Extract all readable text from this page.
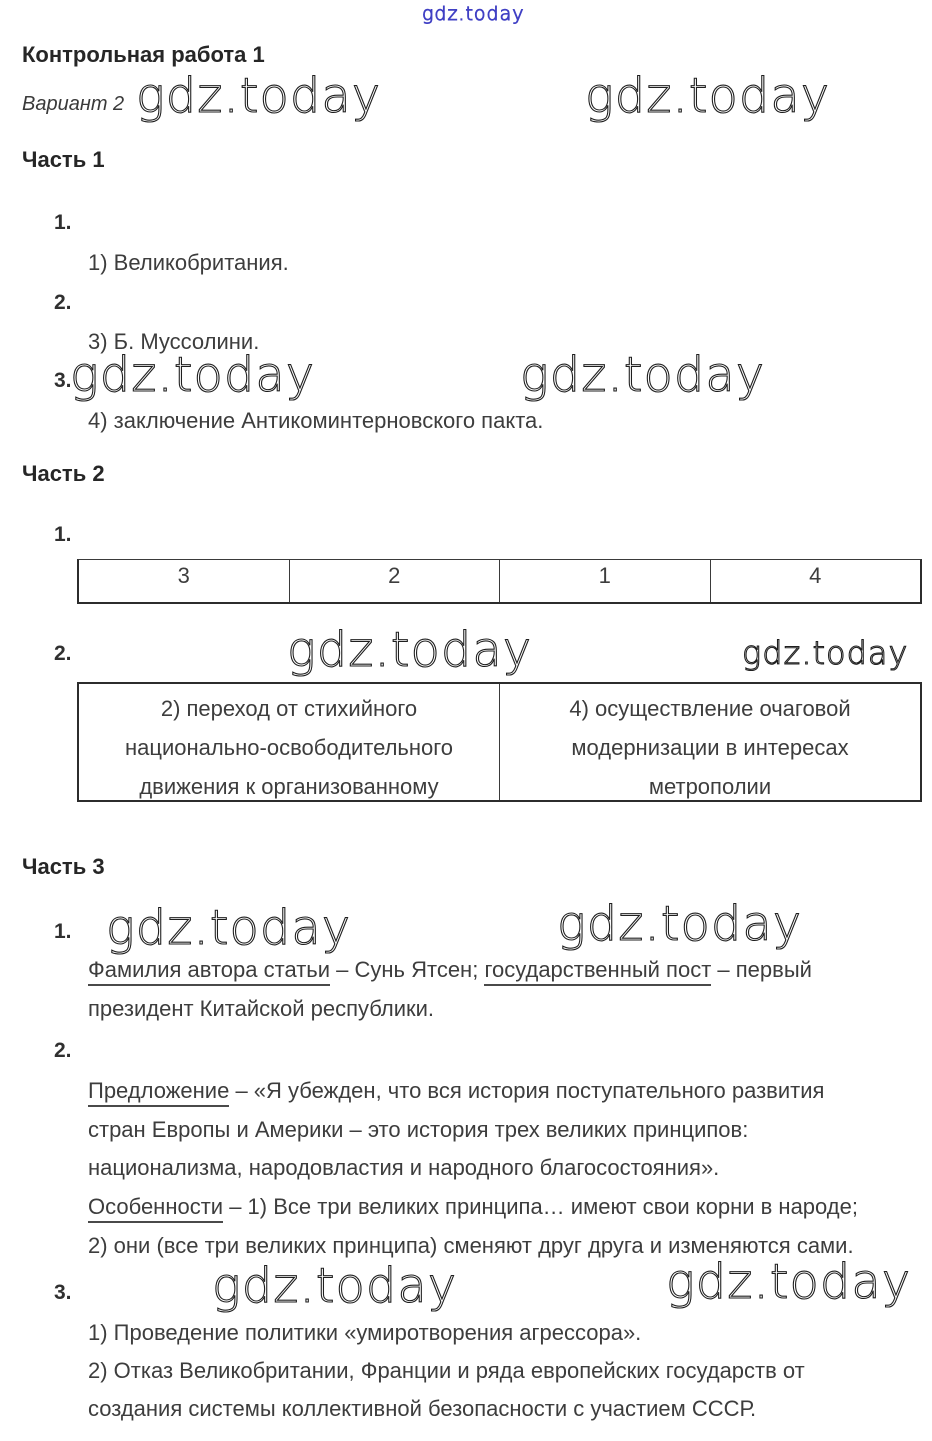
gdz.today
gdz.today	gdz.today
gdz.today	gdz.today
gdz.today	gdz.today
gdz.today	gdz.today
gdz.today	gdz.today
Контрольная работа 1
Вариант 2
Часть 1
1.
1) Великобритания.
2.
3) Б. Муссолини.
3.
4) заключение Антикоминтерновского пакта.
Часть 2
1.
3	2	1	4
2.
2) переход от стихийного
национально-освободительного
движения к организованному
4) осуществление очаговой
модернизации в интересах
метрополии
Часть 3
1.
Фамилия автора статьи – Сунь Ятсен; государственный пост – первый
президент Китайской республики.
2.
Предложение – «Я убежден, что вся история поступательного развития
стран Европы и Америки – это история трех великих принципов:
национализма, народовластия и народного благосостояния».
Особенности – 1) Все три великих принципа… имеют свои корни в народе;
2) они (все три великих принципа) сменяют друг друга и изменяются сами.
3.
1) Проведение политики «умиротворения агрессора».
2) Отказ Великобритании, Франции и ряда европейских государств от
создания системы коллективной безопасности с участием СССР.
